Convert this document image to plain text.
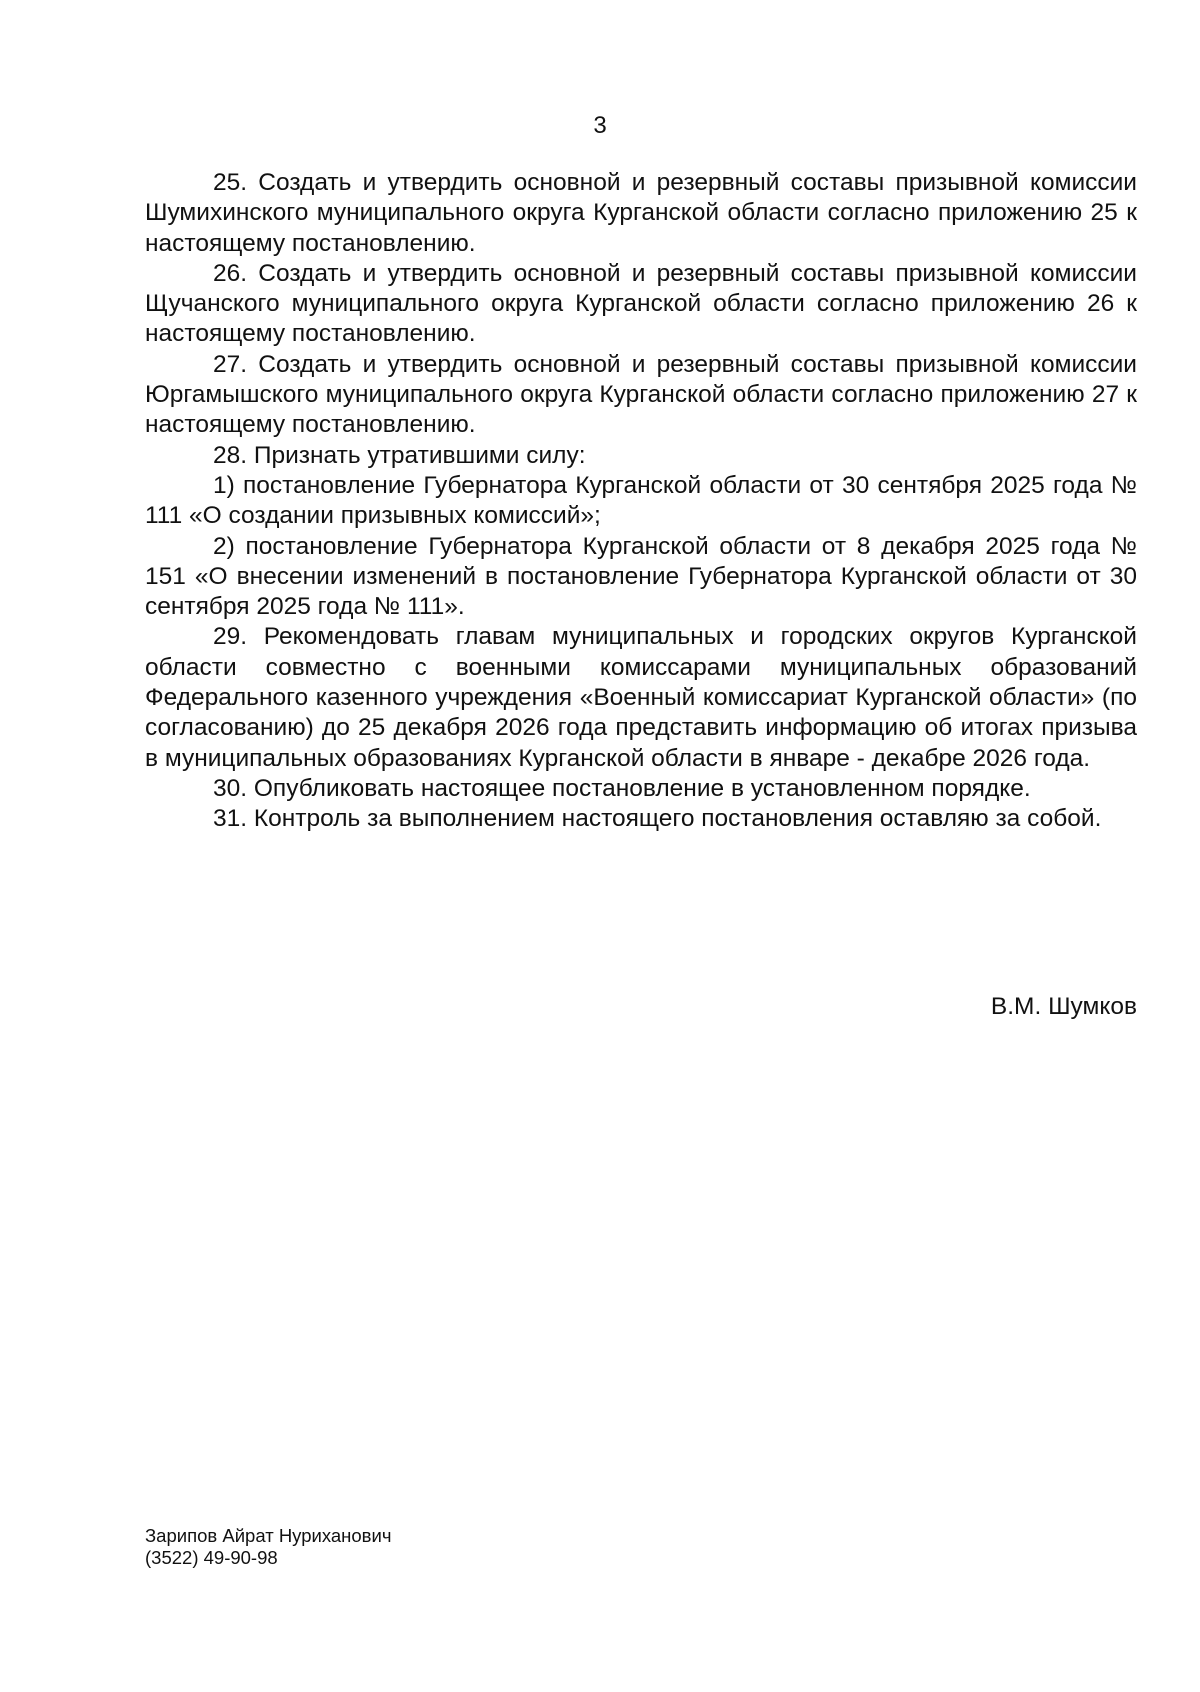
3

25. Создать и утвердить основной и резервный составы призывной комиссии Шумихинского муниципального округа Курганской области согласно приложению 25 к настоящему постановлению.

26. Создать и утвердить основной и резервный составы призывной комиссии Щучанского муниципального округа Курганской области согласно приложению 26 к настоящему постановлению.

27. Создать и утвердить основной и резервный составы призывной комиссии Юргамышского муниципального округа Курганской области согласно приложению 27 к настоящему постановлению.

28. Признать утратившими силу:

1) постановление Губернатора Курганской области от 30 сентября 2025 года № 111 «О создании призывных комиссий»;

2) постановление Губернатора Курганской области от 8 декабря 2025 года № 151 «О внесении изменений в постановление Губернатора Курганской области от 30 сентября 2025 года № 111».

29. Рекомендовать главам муниципальных и городских округов Курганской области совместно с военными комиссарами муниципальных образований Федерального казенного учреждения «Военный комиссариат Курганской области» (по согласованию) до 25 декабря 2026 года представить информацию об итогах призыва в муниципальных образованиях Курганской области в январе - декабре 2026 года.

30. Опубликовать настоящее постановление в установленном порядке.

31. Контроль за выполнением настоящего постановления оставляю за собой.

В.М. Шумков
Зарипов Айрат Нуриханович
(3522) 49-90-98
